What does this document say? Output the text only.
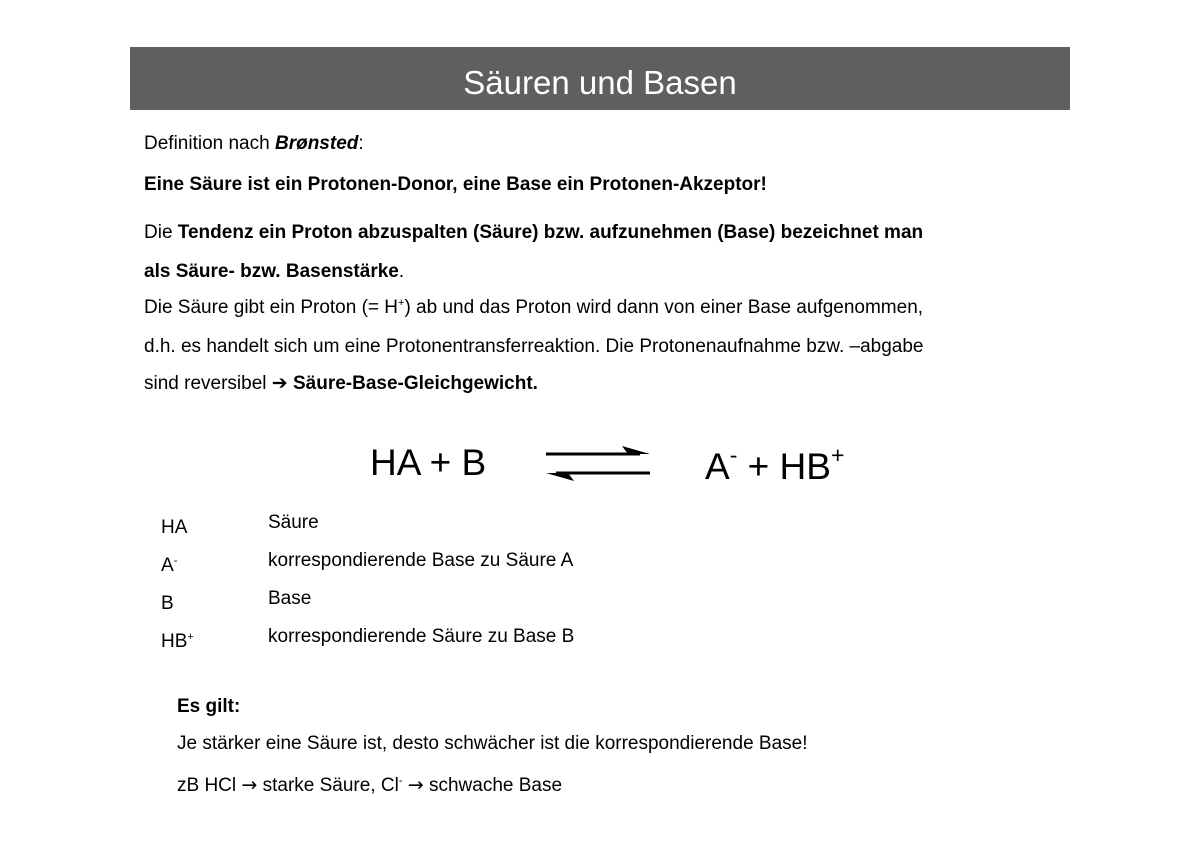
Säuren und Basen
Definition nach Brønsted:
Eine Säure ist ein Protonen-Donor, eine Base ein Protonen-Akzeptor!
Die Tendenz ein Proton abzuspalten (Säure) bzw. aufzunehmen (Base) bezeichnet man
als Säure- bzw. Basenstärke.
Die Säure gibt ein Proton (= H+) ab und das Proton wird dann von einer Base aufgenommen,
d.h. es handelt sich um eine Protonentransferreaktion. Die Protonenaufnahme bzw. –abgabe
sind reversibel ➔ Säure-Base-Gleichgewicht.
HA + B ⇌ A- + HB+
HA	Säure
A-	korrespondierende Base zu Säure A
B	Base
HB+	korrespondierende Säure zu Base B
Es gilt:
Je stärker eine Säure ist, desto schwächer ist die korrespondierende Base!
zB HCl → starke Säure, Cl- → schwache Base
